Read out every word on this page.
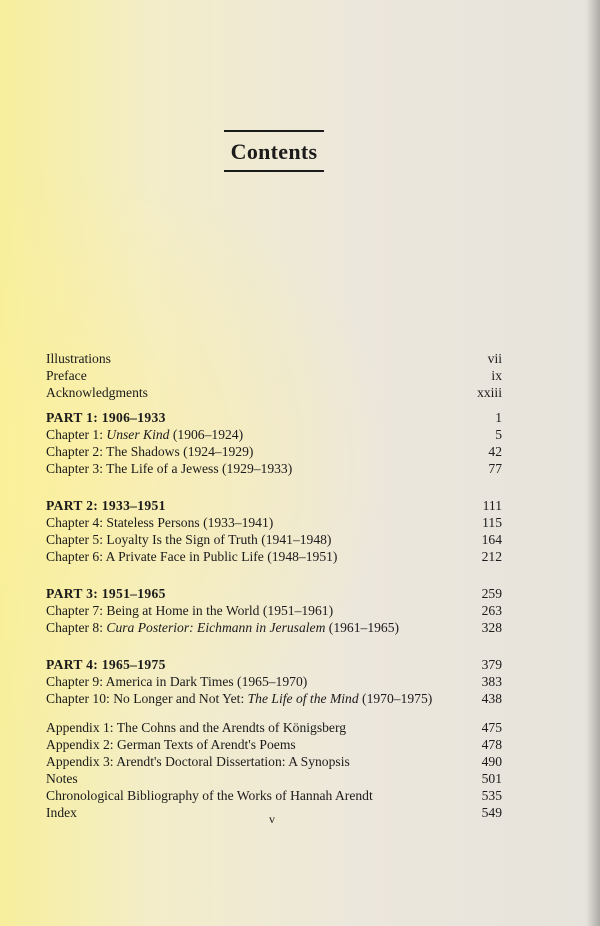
Contents
Illustrations	vii
Preface	ix
Acknowledgments	xxiii
PART 1: 1906–1933	1
Chapter 1: Unser Kind (1906–1924)	5
Chapter 2: The Shadows (1924–1929)	42
Chapter 3: The Life of a Jewess (1929–1933)	77
PART 2: 1933–1951	111
Chapter 4: Stateless Persons (1933–1941)	115
Chapter 5: Loyalty Is the Sign of Truth (1941–1948)	164
Chapter 6: A Private Face in Public Life (1948–1951)	212
PART 3: 1951–1965	259
Chapter 7: Being at Home in the World (1951–1961)	263
Chapter 8: Cura Posterior: Eichmann in Jerusalem (1961–1965)	328
PART 4: 1965–1975	379
Chapter 9: America in Dark Times (1965–1970)	383
Chapter 10: No Longer and Not Yet: The Life of the Mind (1970–1975)	438
Appendix 1: The Cohns and the Arendts of Königsberg	475
Appendix 2: German Texts of Arendt's Poems	478
Appendix 3: Arendt's Doctoral Dissertation: A Synopsis	490
Notes	501
Chronological Bibliography of the Works of Hannah Arendt	535
Index	549
v
